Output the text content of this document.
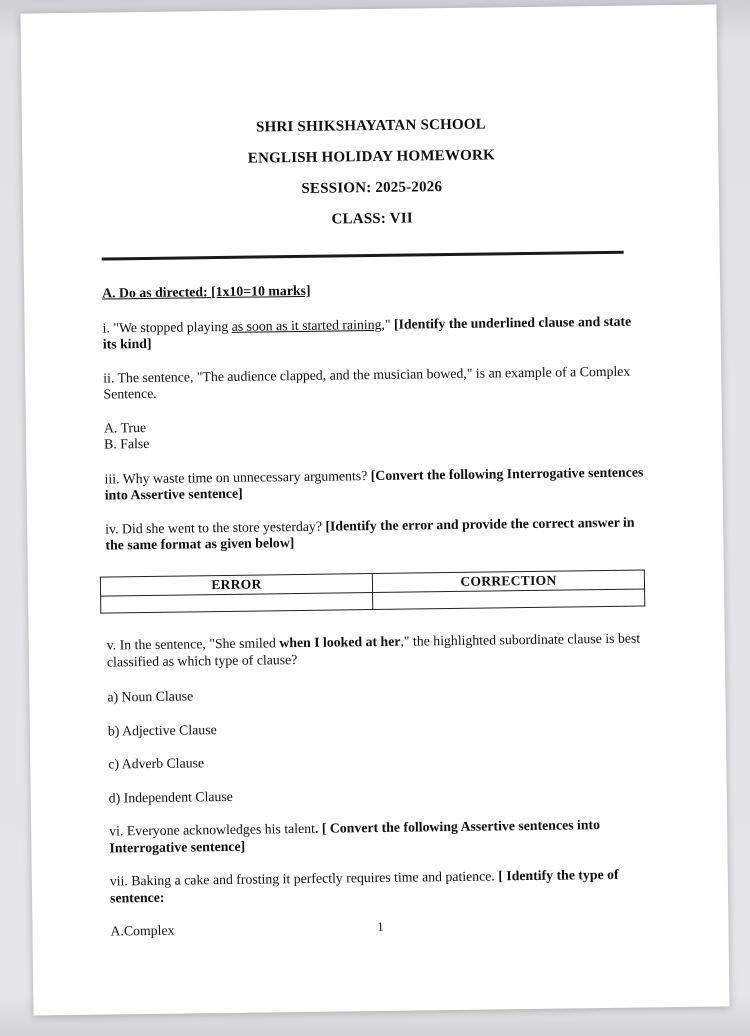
SHRI SHIKSHAYATAN SCHOOL
ENGLISH HOLIDAY HOMEWORK
SESSION: 2025-2026
CLASS: VII
A. Do as directed: [1x10=10 marks]

i. "We stopped playing as soon as it started raining," [Identify the underlined clause and state its kind]

ii. The sentence, "The audience clapped, and the musician bowed," is an example of a Complex Sentence.

A. True
B. False

iii. Why waste time on unnecessary arguments? [Convert the following Interrogative sentences into Assertive sentence]

iv. Did she went to the store yesterday? [Identify the error and provide the correct answer in the same format as given below]

ERROR	CORRECTION

v. In the sentence, "She smiled when I looked at her," the highlighted subordinate clause is best classified as which type of clause?

a) Noun Clause

b) Adjective Clause

c) Adverb Clause

d) Independent Clause

vi. Everyone acknowledges his talent. [ Convert the following Assertive sentences into Interrogative sentence]

vii. Baking a cake and frosting it perfectly requires time and patience. [ Identify the type of sentence:

A.Complex	1
